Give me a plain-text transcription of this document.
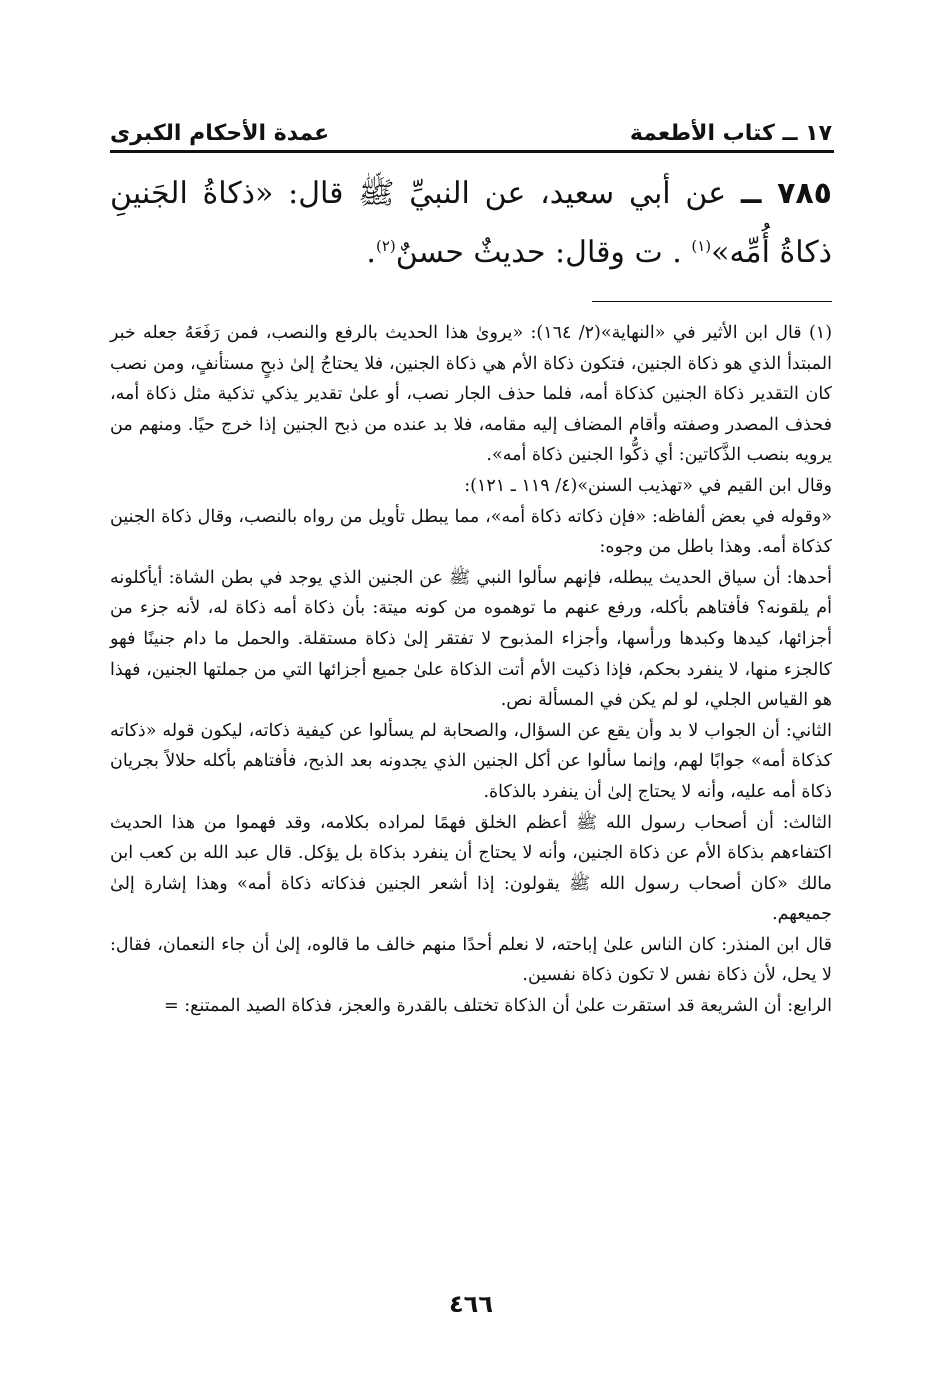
١٧ ــ كتاب الأطعمة
عمدة الأحكام الكبرى
٧٨٥ ــ عن أبي سعيد، عن النبيِّ ﷺ قال: «ذكاةُ الجَنينِ ذكاةُ أُمِّه»$^{(١)}$ . ت وقال: حديثٌ حسنٌ$^{(٢)}$.

(١) قال ابن الأثير في «النهاية»(٢/ ١٦٤): «يروىٰ هذا الحديث بالرفع والنصب، فمن رَفَعَهُ جعله خبر المبتدأ الذي هو ذكاة الجنين، فتكون ذكاة الأم هي ذكاة الجنين، فلا يحتاجُ إلىٰ ذبحٍ مستأنفٍ، ومن نصب كان التقدير ذكاة الجنين كذكاة أمه، فلما حذف الجار نصب، أو علىٰ تقدير يذكي تذكية مثل ذكاة أمه، فحذف المصدر وصفته وأقام المضاف إليه مقامه، فلا بد عنده من ذبح الجنين إذا خرج حيًا. ومنهم من يرويه بنصب الذَّكاتين: أي ذكُّوا الجنين ذكاة أمه».

وقال ابن القيم في «تهذيب السنن»(٤/ ١١٩ ـ ١٢١):

«وقوله في بعض ألفاظه: «فإن ذكاته ذكاة أمه»، مما يبطل تأويل من رواه بالنصب، وقال ذكاة الجنين كذكاة أمه. وهذا باطل من وجوه:

أحدها: أن سياق الحديث يبطله، فإنهم سألوا النبي ﷺ عن الجنين الذي يوجد في بطن الشاة: أيأكلونه أم يلقونه؟ فأفتاهم بأكله، ورفع عنهم ما توهموه من كونه ميتة: بأن ذكاة أمه ذكاة له، لأنه جزء من أجزائها، كيدها وكبدها ورأسها، وأجزاء المذبوح لا تفتقر إلىٰ ذكاة مستقلة. والحمل ما دام جنينًا فهو كالجزء منها، لا ينفرد بحكم، فإذا ذكيت الأم أتت الذكاة علىٰ جميع أجزائها التي من جملتها الجنين، فهذا هو القياس الجلي، لو لم يكن في المسألة نص.

الثاني: أن الجواب لا بد وأن يقع عن السؤال، والصحابة لم يسألوا عن كيفية ذكاته، ليكون قوله «ذكاته كذكاة أمه» جوابًا لهم، وإنما سألوا عن أكل الجنين الذي يجدونه بعد الذبح، فأفتاهم بأكله حلالاً بجريان ذكاة أمه عليه، وأنه لا يحتاج إلىٰ أن ينفرد بالذكاة.

الثالث: أن أصحاب رسول الله ﷺ أعظم الخلق فهمًا لمراده بكلامه، وقد فهموا من هذا الحديث اكتفاءهم بذكاة الأم عن ذكاة الجنين، وأنه لا يحتاج أن ينفرد بذكاة بل يؤكل. قال عبد الله بن كعب ابن مالك «كان أصحاب رسول الله ﷺ يقولون: إذا أشعر الجنين فذكاته ذكاة أمه» وهذا إشارة إلىٰ جميعهم.

قال ابن المنذر: كان الناس علىٰ إباحته، لا نعلم أحدًا منهم خالف ما قالوه، إلىٰ أن جاء النعمان، فقال: لا يحل، لأن ذكاة نفس لا تكون ذكاة نفسين.

الرابع: أن الشريعة قد استقرت علىٰ أن الذكاة تختلف بالقدرة والعجز، فذكاة الصيد الممتنع: =

٤٦٦
